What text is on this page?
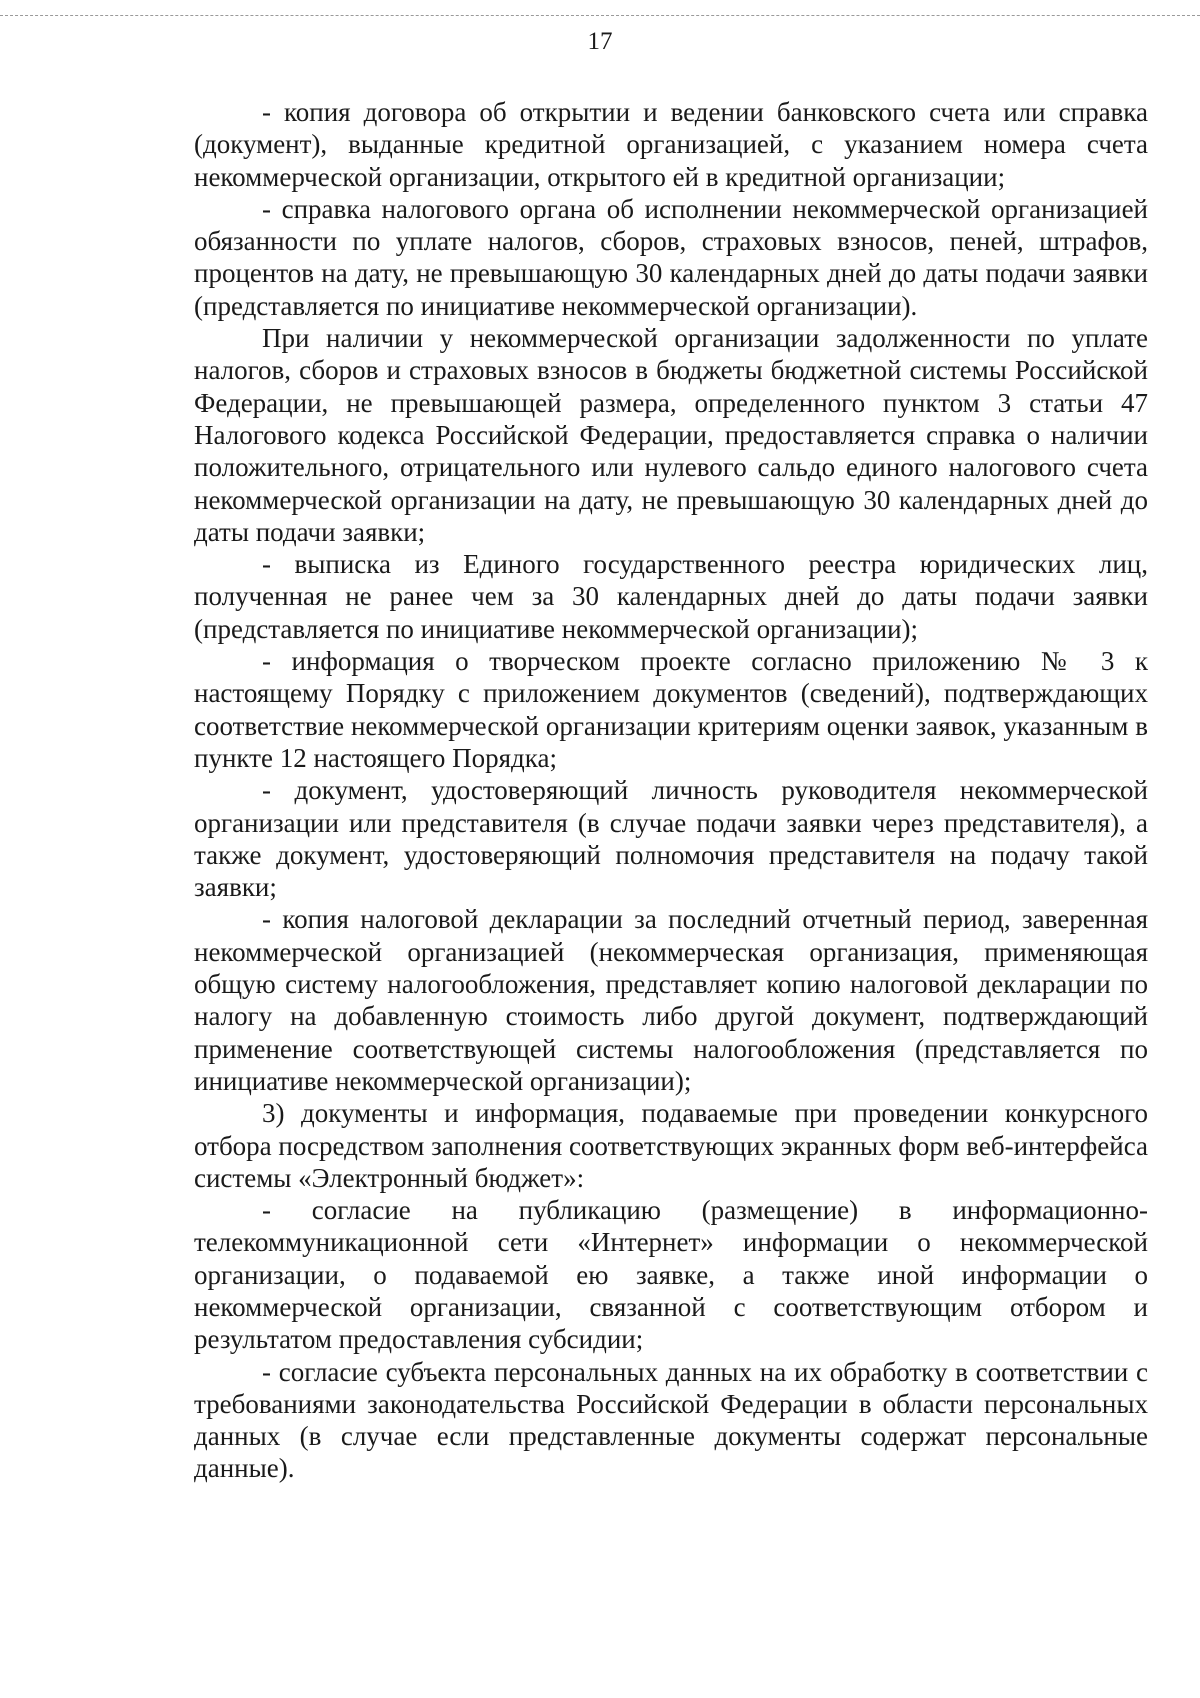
17

- копия договора об открытии и ведении банковского счета или справка (документ), выданные кредитной организацией, с указанием номера счета некоммерческой организации, открытого ей в кредитной организации;

- справка налогового органа об исполнении некоммерческой организацией обязанности по уплате налогов, сборов, страховых взносов, пеней, штрафов, процентов на дату, не превышающую 30 календарных дней до даты подачи заявки (представляется по инициативе некоммерческой организации).

При наличии у некоммерческой организации задолженности по уплате налогов, сборов и страховых взносов в бюджеты бюджетной системы Российской Федерации, не превышающей размера, определенного пунктом 3 статьи 47 Налогового кодекса Российской Федерации, предоставляется справка о наличии положительного, отрицательного или нулевого сальдо единого налогового счета некоммерческой организации на дату, не превышающую 30 календарных дней до даты подачи заявки;

- выписка из Единого государственного реестра юридических лиц, полученная не ранее чем за 30 календарных дней до даты подачи заявки (представляется по инициативе некоммерческой организации);

- информация о творческом проекте согласно приложению № 3 к настоящему Порядку с приложением документов (сведений), подтверждающих соответствие некоммерческой организации критериям оценки заявок, указанным в пункте 12 настоящего Порядка;

- документ, удостоверяющий личность руководителя некоммерческой организации или представителя (в случае подачи заявки через представителя), а также документ, удостоверяющий полномочия представителя на подачу такой заявки;

- копия налоговой декларации за последний отчетный период, заверенная некоммерческой организацией (некоммерческая организация, применяющая общую систему налогообложения, представляет копию налоговой декларации по налогу на добавленную стоимость либо другой документ, подтверждающий применение соответствующей системы налогообложения (представляется по инициативе некоммерческой организации);

3) документы и информация, подаваемые при проведении конкурсного отбора посредством заполнения соответствующих экранных форм веб-интерфейса системы «Электронный бюджет»:

- согласие на публикацию (размещение) в информационно-телекоммуникационной сети «Интернет» информации о некоммерческой организации, о подаваемой ею заявке, а также иной информации о некоммерческой организации, связанной с соответствующим отбором и результатом предоставления субсидии;

- согласие субъекта персональных данных на их обработку в соответствии с требованиями законодательства Российской Федерации в области персональных данных (в случае если представленные документы содержат персональные данные).
